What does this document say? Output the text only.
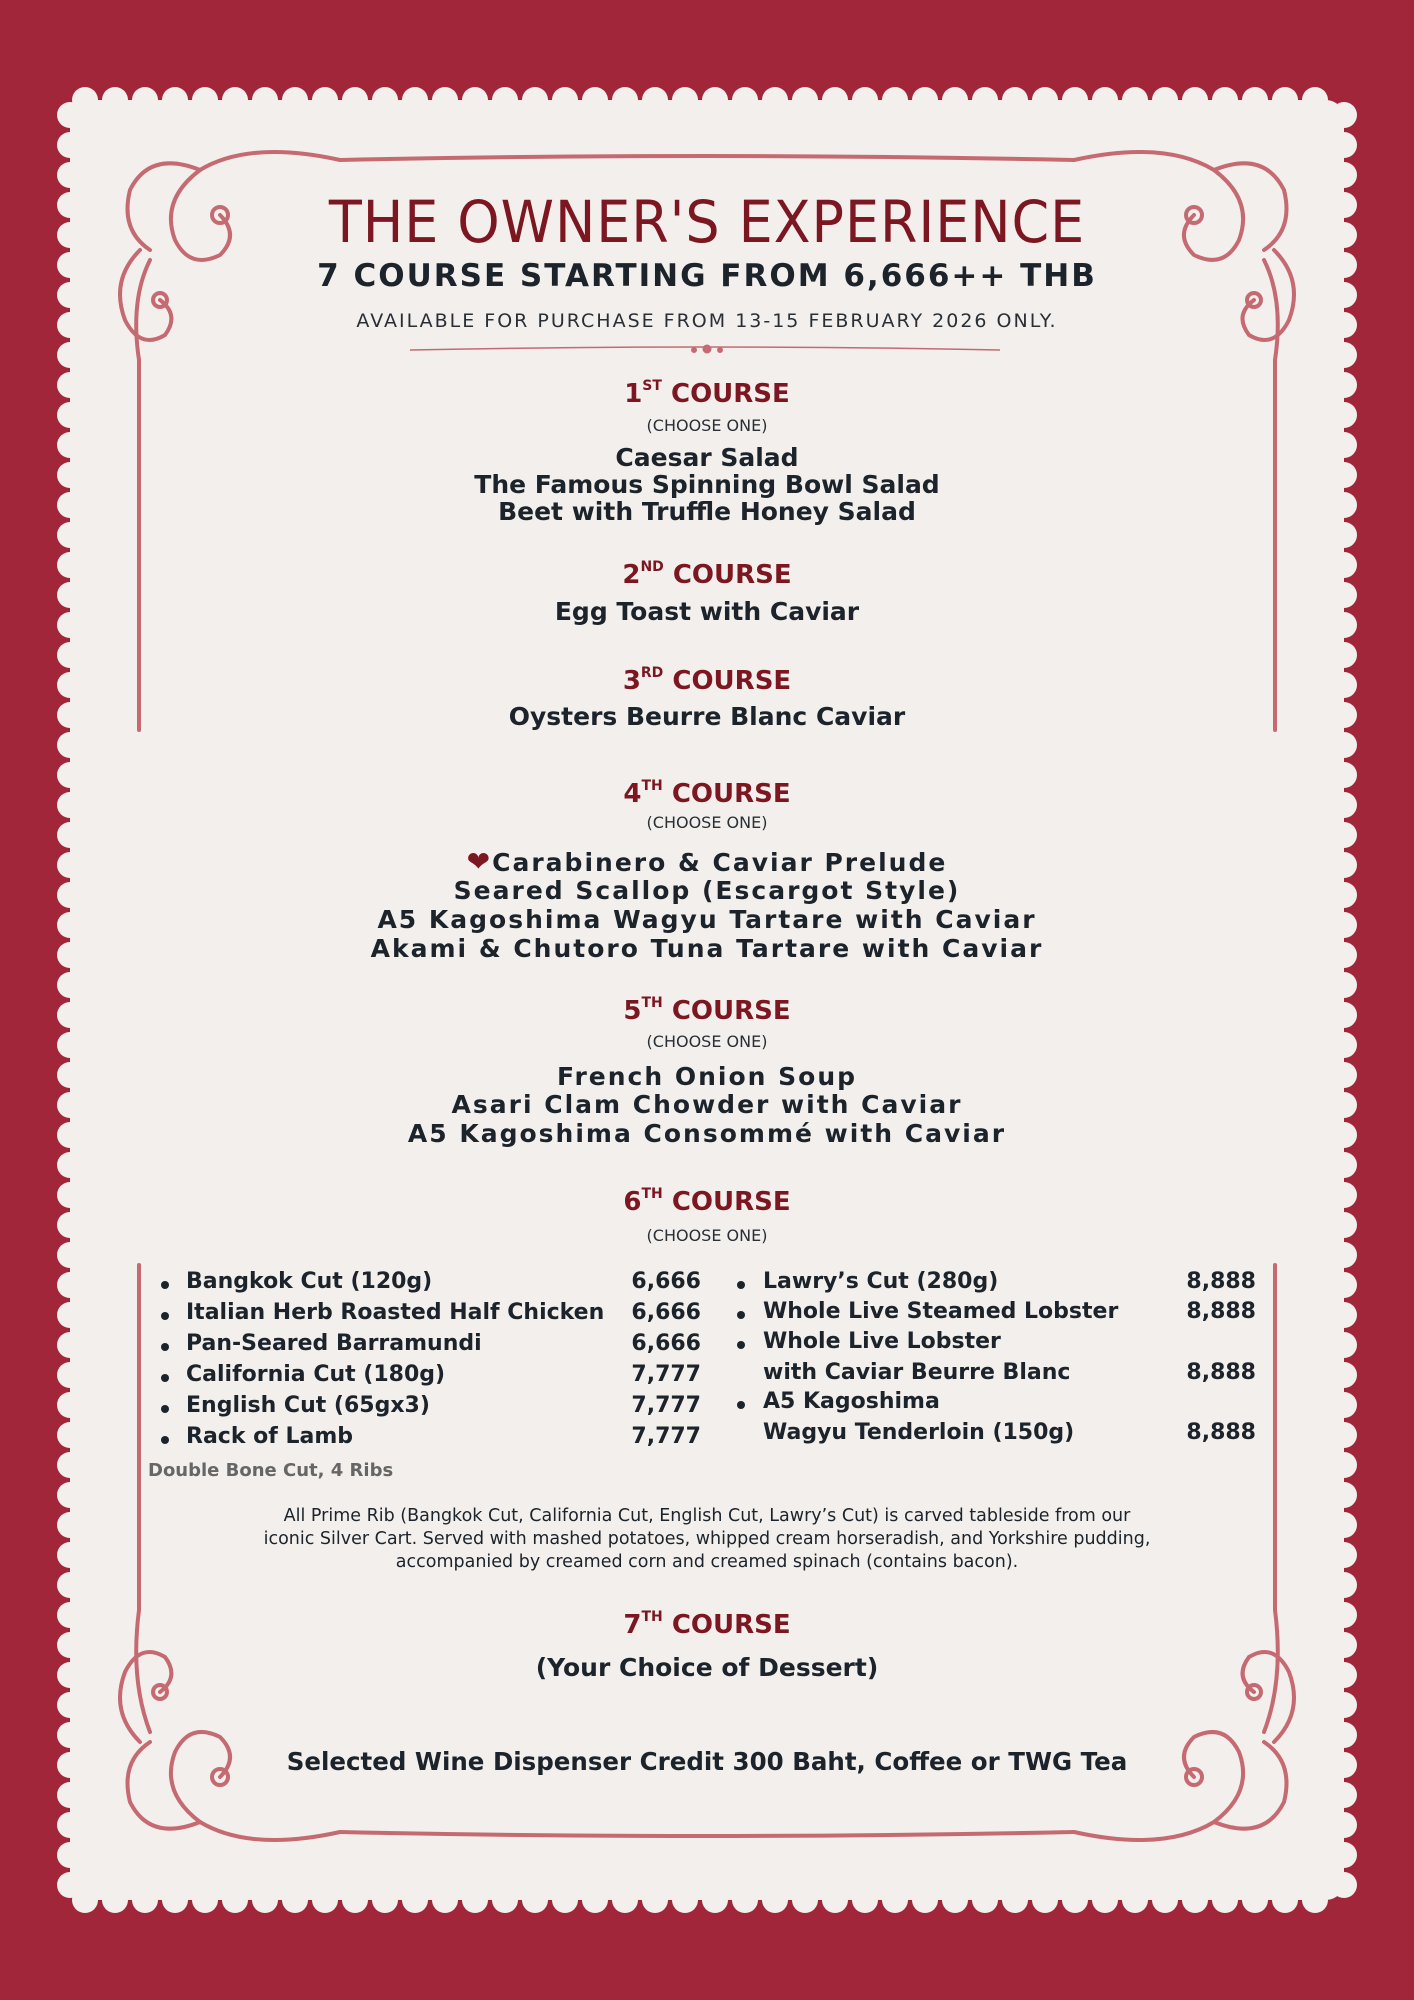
THE OWNER'S EXPERIENCE
7 COURSE STARTING FROM 6,666++ THB
AVAILABLE FOR PURCHASE FROM 13-15 FEBRUARY 2026 ONLY.
1ST COURSE
(CHOOSE ONE)
Caesar Salad
The Famous Spinning Bowl Salad
Beet with Truffle Honey Salad
2ND COURSE
Egg Toast with Caviar
3RD COURSE
Oysters Beurre Blanc Caviar
4TH COURSE
(CHOOSE ONE)
❤Carabinero & Caviar Prelude
Seared Scallop (Escargot Style)
A5 Kagoshima Wagyu Tartare with Caviar
Akami & Chutoro Tuna Tartare with Caviar
5TH COURSE
(CHOOSE ONE)
French Onion Soup
Asari Clam Chowder with Caviar
A5 Kagoshima Consommé with Caviar
6TH COURSE
(CHOOSE ONE)
Bangkok Cut (120g)	6,666
Italian Herb Roasted Half Chicken	6,666
Pan-Seared Barramundi	6,666
California Cut (180g)	7,777
English Cut (65gx3)	7,777
Rack of Lamb	7,777
Double Bone Cut, 4 Ribs
Lawry’s Cut (280g)	8,888
Whole Live Steamed Lobster	8,888
Whole Live Lobster
with Caviar Beurre Blanc	8,888
A5 Kagoshima
Wagyu Tenderloin (150g)	8,888
All Prime Rib (Bangkok Cut, California Cut, English Cut, Lawry’s Cut) is carved tableside from our
iconic Silver Cart. Served with mashed potatoes, whipped cream horseradish, and Yorkshire pudding,
accompanied by creamed corn and creamed spinach (contains bacon).
7TH COURSE
(Your Choice of Dessert)
Selected Wine Dispenser Credit 300 Baht, Coffee or TWG Tea
